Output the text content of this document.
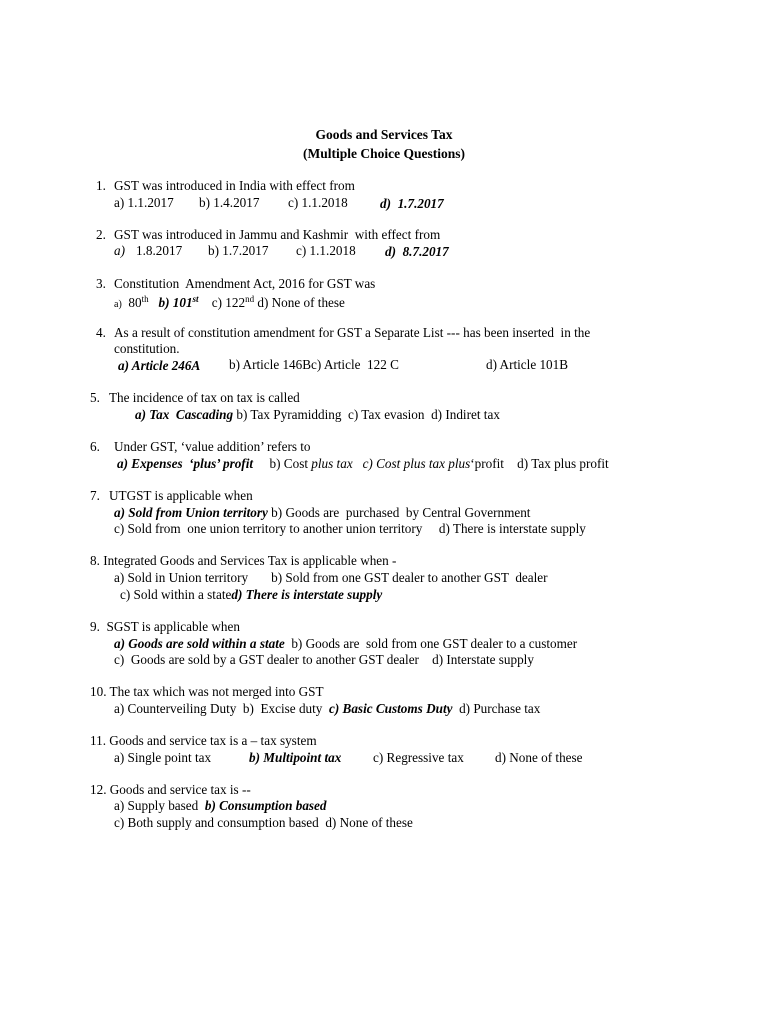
Goods and Services Tax
(Multiple Choice Questions)
1. GST was introduced in India with effect from
a) 1.1.2017 b) 1.4.2017 c) 1.1.2018 d)  1.7.2017
2. GST was introduced in Jammu and Kashmir  with effect from
a) 1.8.2017 b) 1.7.2017 c) 1.1.2018 d)  8.7.2017
3. Constitution  Amendment Act, 2016 for GST was
a) 80th b) 101st c) 122nd d) None of these
4. As a result of constitution amendment for GST a Separate List --- has been inserted  in the
constitution.
a) Article 246A b) Article 146Bc) Article  122 C	d) Article 101B
5. The incidence of tax on tax is called
a) Tax  Cascading b) Tax Pyramidding  c) Tax evasion  d) Indiret tax
6. Under GST, ‘value addition’ refers to
a) Expenses  ‘plus’ profit b) Cost plus tax c) Cost plus tax plus‘profit d) Tax plus profit
7. UTGST is applicable when
a) Sold from Union territory b) Goods are  purchased  by Central Government
c) Sold from  one union territory to another union territory d) There is interstate supply
8. Integrated Goods and Services Tax is applicable when -
a) Sold in Union territory b) Sold from one GST dealer to another GST  dealer
c) Sold within a stated) There is interstate supply
9. SGST is applicable when
a) Goods are sold within a state  b) Goods are  sold from one GST dealer to a customer
c)  Goods are sold by a GST dealer to another GST dealer d) Interstate supply
10. The tax which was not merged into GST
a) Counterveiling Duty  b)  Excise duty  c) Basic Customs Duty  d) Purchase tax
11. Goods and service tax is a – tax system
a) Single point tax	b) Multipoint tax c) Regressive tax d) None of these
12. Goods and service tax is --
a) Supply based  b) Consumption based
c) Both supply and consumption based  d) None of these
